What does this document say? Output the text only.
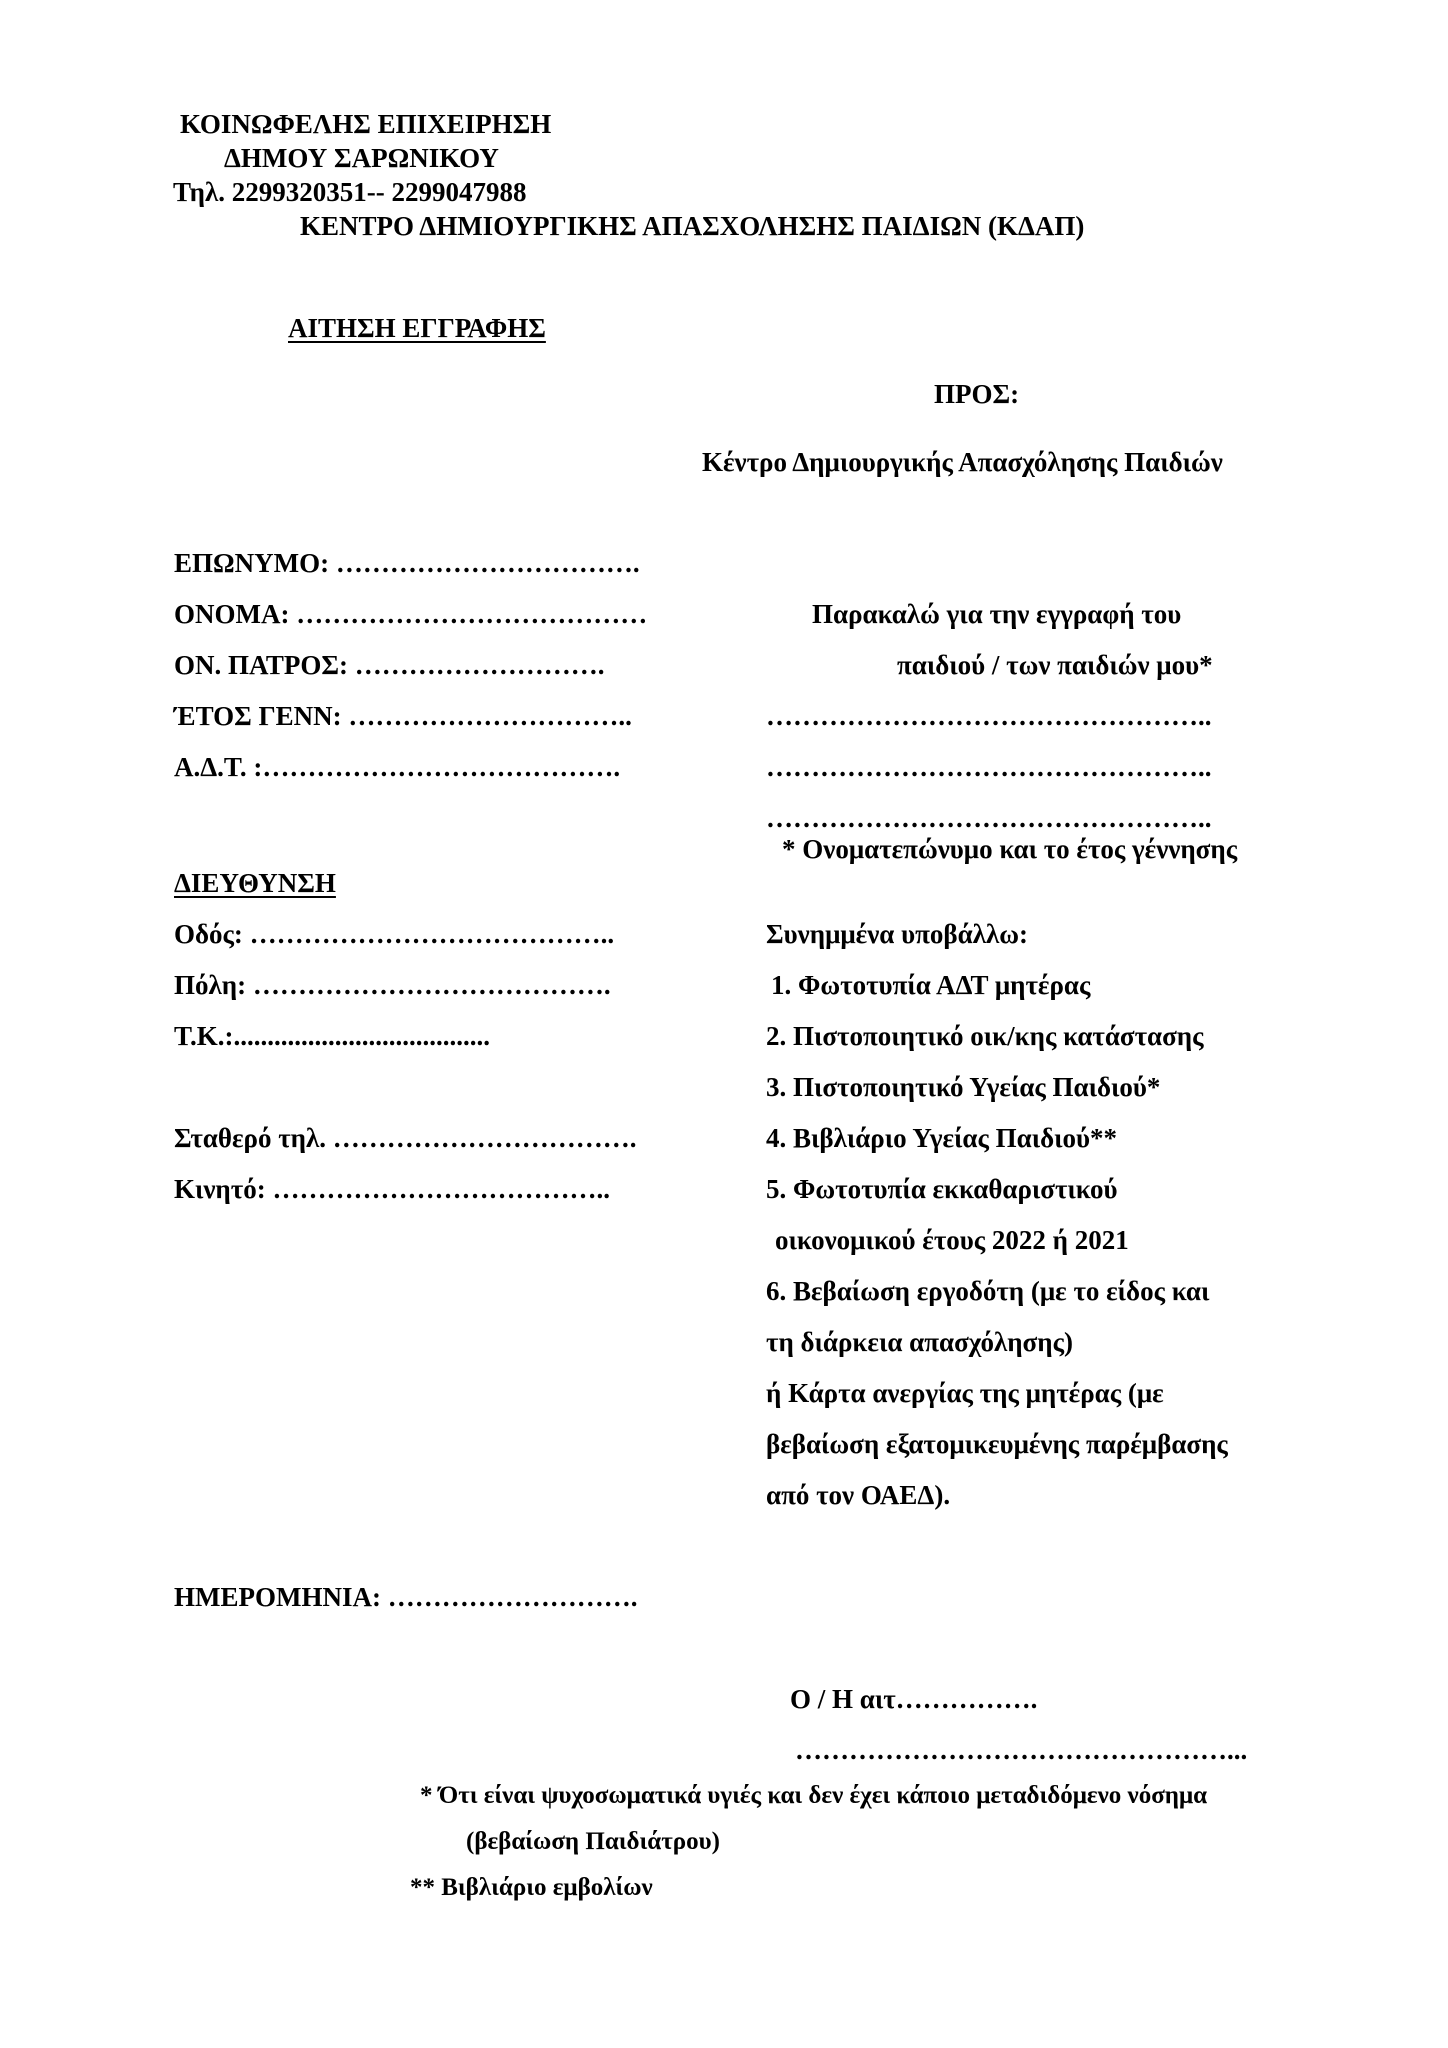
ΚΟΙΝΩΦΕΛΗΣ ΕΠΙΧΕΙΡΗΣΗ
ΔΗΜΟΥ ΣΑΡΩΝΙΚΟΥ
Τηλ. 2299320351-- 2299047988
ΚΕΝΤΡΟ ΔΗΜΙΟΥΡΓΙΚΗΣ ΑΠΑΣΧΟΛΗΣΗΣ ΠΑΙΔΙΩΝ (ΚΔΑΠ)
ΑΙΤΗΣΗ ΕΓΓΡΑΦΗΣ
ΠΡΟΣ:
Κέντρο Δημιουργικής Απασχόλησης Παιδιών
ΕΠΩΝΥΜΟ: …………………………….
ΟΝΟΜΑ: …………………………………
ΟΝ. ΠΑΤΡΟΣ: ……………………….
ΈΤΟΣ ΓΕΝΝ: …………………………..
Α.Δ.Τ. :………………………………….
Παρακαλώ για την εγγραφή του
παιδιού / των παιδιών μου*
…………………………………………..
…………………………………………..
…………………………………………..
* Ονοματεπώνυμο και το έτος γέννησης
ΔΙΕΥΘΥΝΣΗ
Οδός: …………………………………..
Πόλη: ………………………………….
Τ.Κ.:......................................
Σταθερό τηλ. …………………………….
Κινητό: ………………………………..
Συνημμένα υποβάλλω:
1. Φωτοτυπία ΑΔΤ μητέρας
2. Πιστοποιητικό οικ/κης κατάστασης
3. Πιστοποιητικό Υγείας Παιδιού*
4. Βιβλιάριο Υγείας Παιδιού**
5. Φωτοτυπία εκκαθαριστικού
οικονομικού έτους 2022 ή 2021
6. Βεβαίωση εργοδότη (με το είδος και
τη διάρκεια απασχόλησης)
ή Κάρτα ανεργίας της μητέρας (με
βεβαίωση εξατομικευμένης παρέμβασης
από τον ΟΑΕΔ).
ΗΜΕΡΟΜΗΝΙΑ: ……………………….
Ο / Η αιτ…………….
…………………………………………...
* Ότι είναι ψυχοσωματικά υγιές και δεν έχει κάποιο μεταδιδόμενο νόσημα
(βεβαίωση Παιδιάτρου)
** Βιβλιάριο εμβολίων
